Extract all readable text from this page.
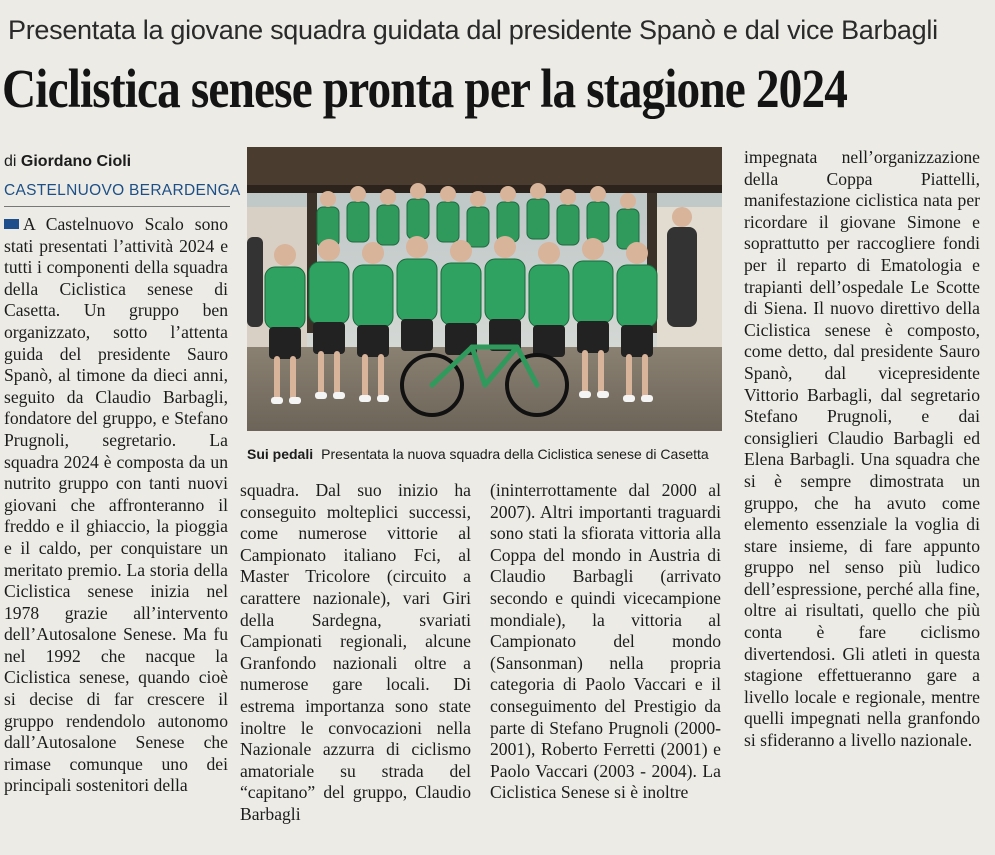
Presentata la giovane squadra guidata dal presidente Spanò e dal vice Barbagli
Ciclistica senese pronta per la stagione 2024
di Giordano Cioli
CASTELNUOVO BERARDENGA
A Castelnuovo Scalo sono stati presentati l’attività 2024 e tutti i componenti della squadra della Ciclistica senese di Casetta. Un gruppo ben organizzato, sotto l’attenta guida del presidente Sauro Spanò, al timone da dieci anni, seguito da Claudio Barbagli, fondatore del gruppo, e Stefano Prugnoli, segretario. La squadra 2024 è composta da un nutrito gruppo con tanti nuovi giovani che affronteranno il freddo e il ghiaccio, la pioggia e il caldo, per conquistare un meritato premio. La storia della Ciclistica senese inizia nel 1978 grazie all’intervento dell’Autosalone Senese. Ma fu nel 1992 che nacque la Ciclistica senese, quando cioè si decise di far crescere il gruppo rendendolo autonomo dall’Autosalone Senese che rimase comunque uno dei principali sostenitori della
Sui pedali Presentata la nuova squadra della Ciclistica senese di Casetta
squadra. Dal suo inizio ha conseguito molteplici successi, come numerose vittorie al Campionato italiano Fci, al Master Tricolore (circuito a carattere nazionale), vari Giri della Sardegna, svariati Campionati regionali, alcune Granfondo nazionali oltre a numerose gare locali. Di estrema importanza sono state inoltre le convocazioni nella Nazionale azzurra di ciclismo amatoriale su strada del “capitano” del gruppo, Claudio Barbagli
(ininterrottamente dal 2000 al 2007). Altri importanti traguardi sono stati la sfiorata vittoria alla Coppa del mondo in Austria di Claudio Barbagli (arrivato secondo e quindi vicecampione mondiale), la vittoria al Campionato del mondo (Sansonman) nella propria categoria di Paolo Vaccari e il conseguimento del Prestigio da parte di Stefano Prugnoli (2000-2001), Roberto Ferretti (2001) e Paolo Vaccari (2003 - 2004). La Ciclistica Senese si è inoltre
impegnata nell’organizzazione della Coppa Piattelli, manifestazione ciclistica nata per ricordare il giovane Simone e soprattutto per raccogliere fondi per il reparto di Ematologia e trapianti dell’ospedale Le Scotte di Siena. Il nuovo direttivo della Ciclistica senese è composto, come detto, dal presidente Sauro Spanò, dal vicepresidente Vittorio Barbagli, dal segretario Stefano Prugnoli, e dai consiglieri Claudio Barbagli ed Elena Barbagli. Una squadra che si è sempre dimostrata un gruppo, che ha avuto come elemento essenziale la voglia di stare insieme, di fare appunto gruppo nel senso più ludico dell’espressione, perché alla fine, oltre ai risultati, quello che più conta è fare ciclismo divertendosi. Gli atleti in questa stagione effettueranno gare a livello locale e regionale, mentre quelli impegnati nella granfondo si sfideranno a livello nazionale.
